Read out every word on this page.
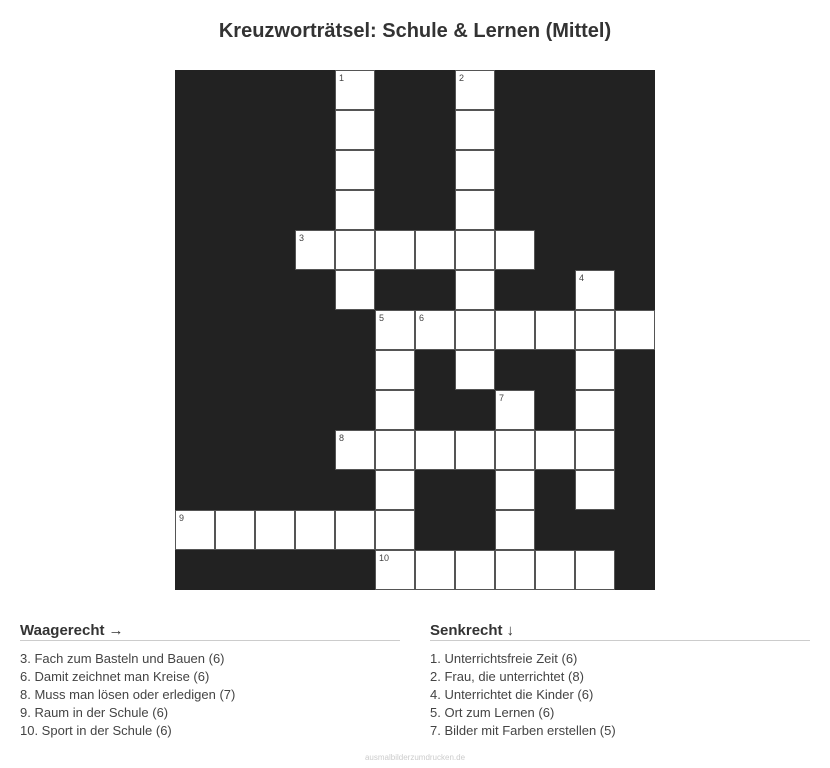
Kreuzworträtsel: Schule & Lernen (Mittel)
1	2
3
4
5	6
7
8
9
10
Waagerecht →
3. Fach zum Basteln und Bauen (6)
6. Damit zeichnet man Kreise (6)
8. Muss man lösen oder erledigen (7)
9. Raum in der Schule (6)
10. Sport in der Schule (6)
Senkrecht ↓
1. Unterrichtsfreie Zeit (6)
2. Frau, die unterrichtet (8)
4. Unterrichtet die Kinder (6)
5. Ort zum Lernen (6)
7. Bilder mit Farben erstellen (5)
ausmalbilderzumdrucken.de
